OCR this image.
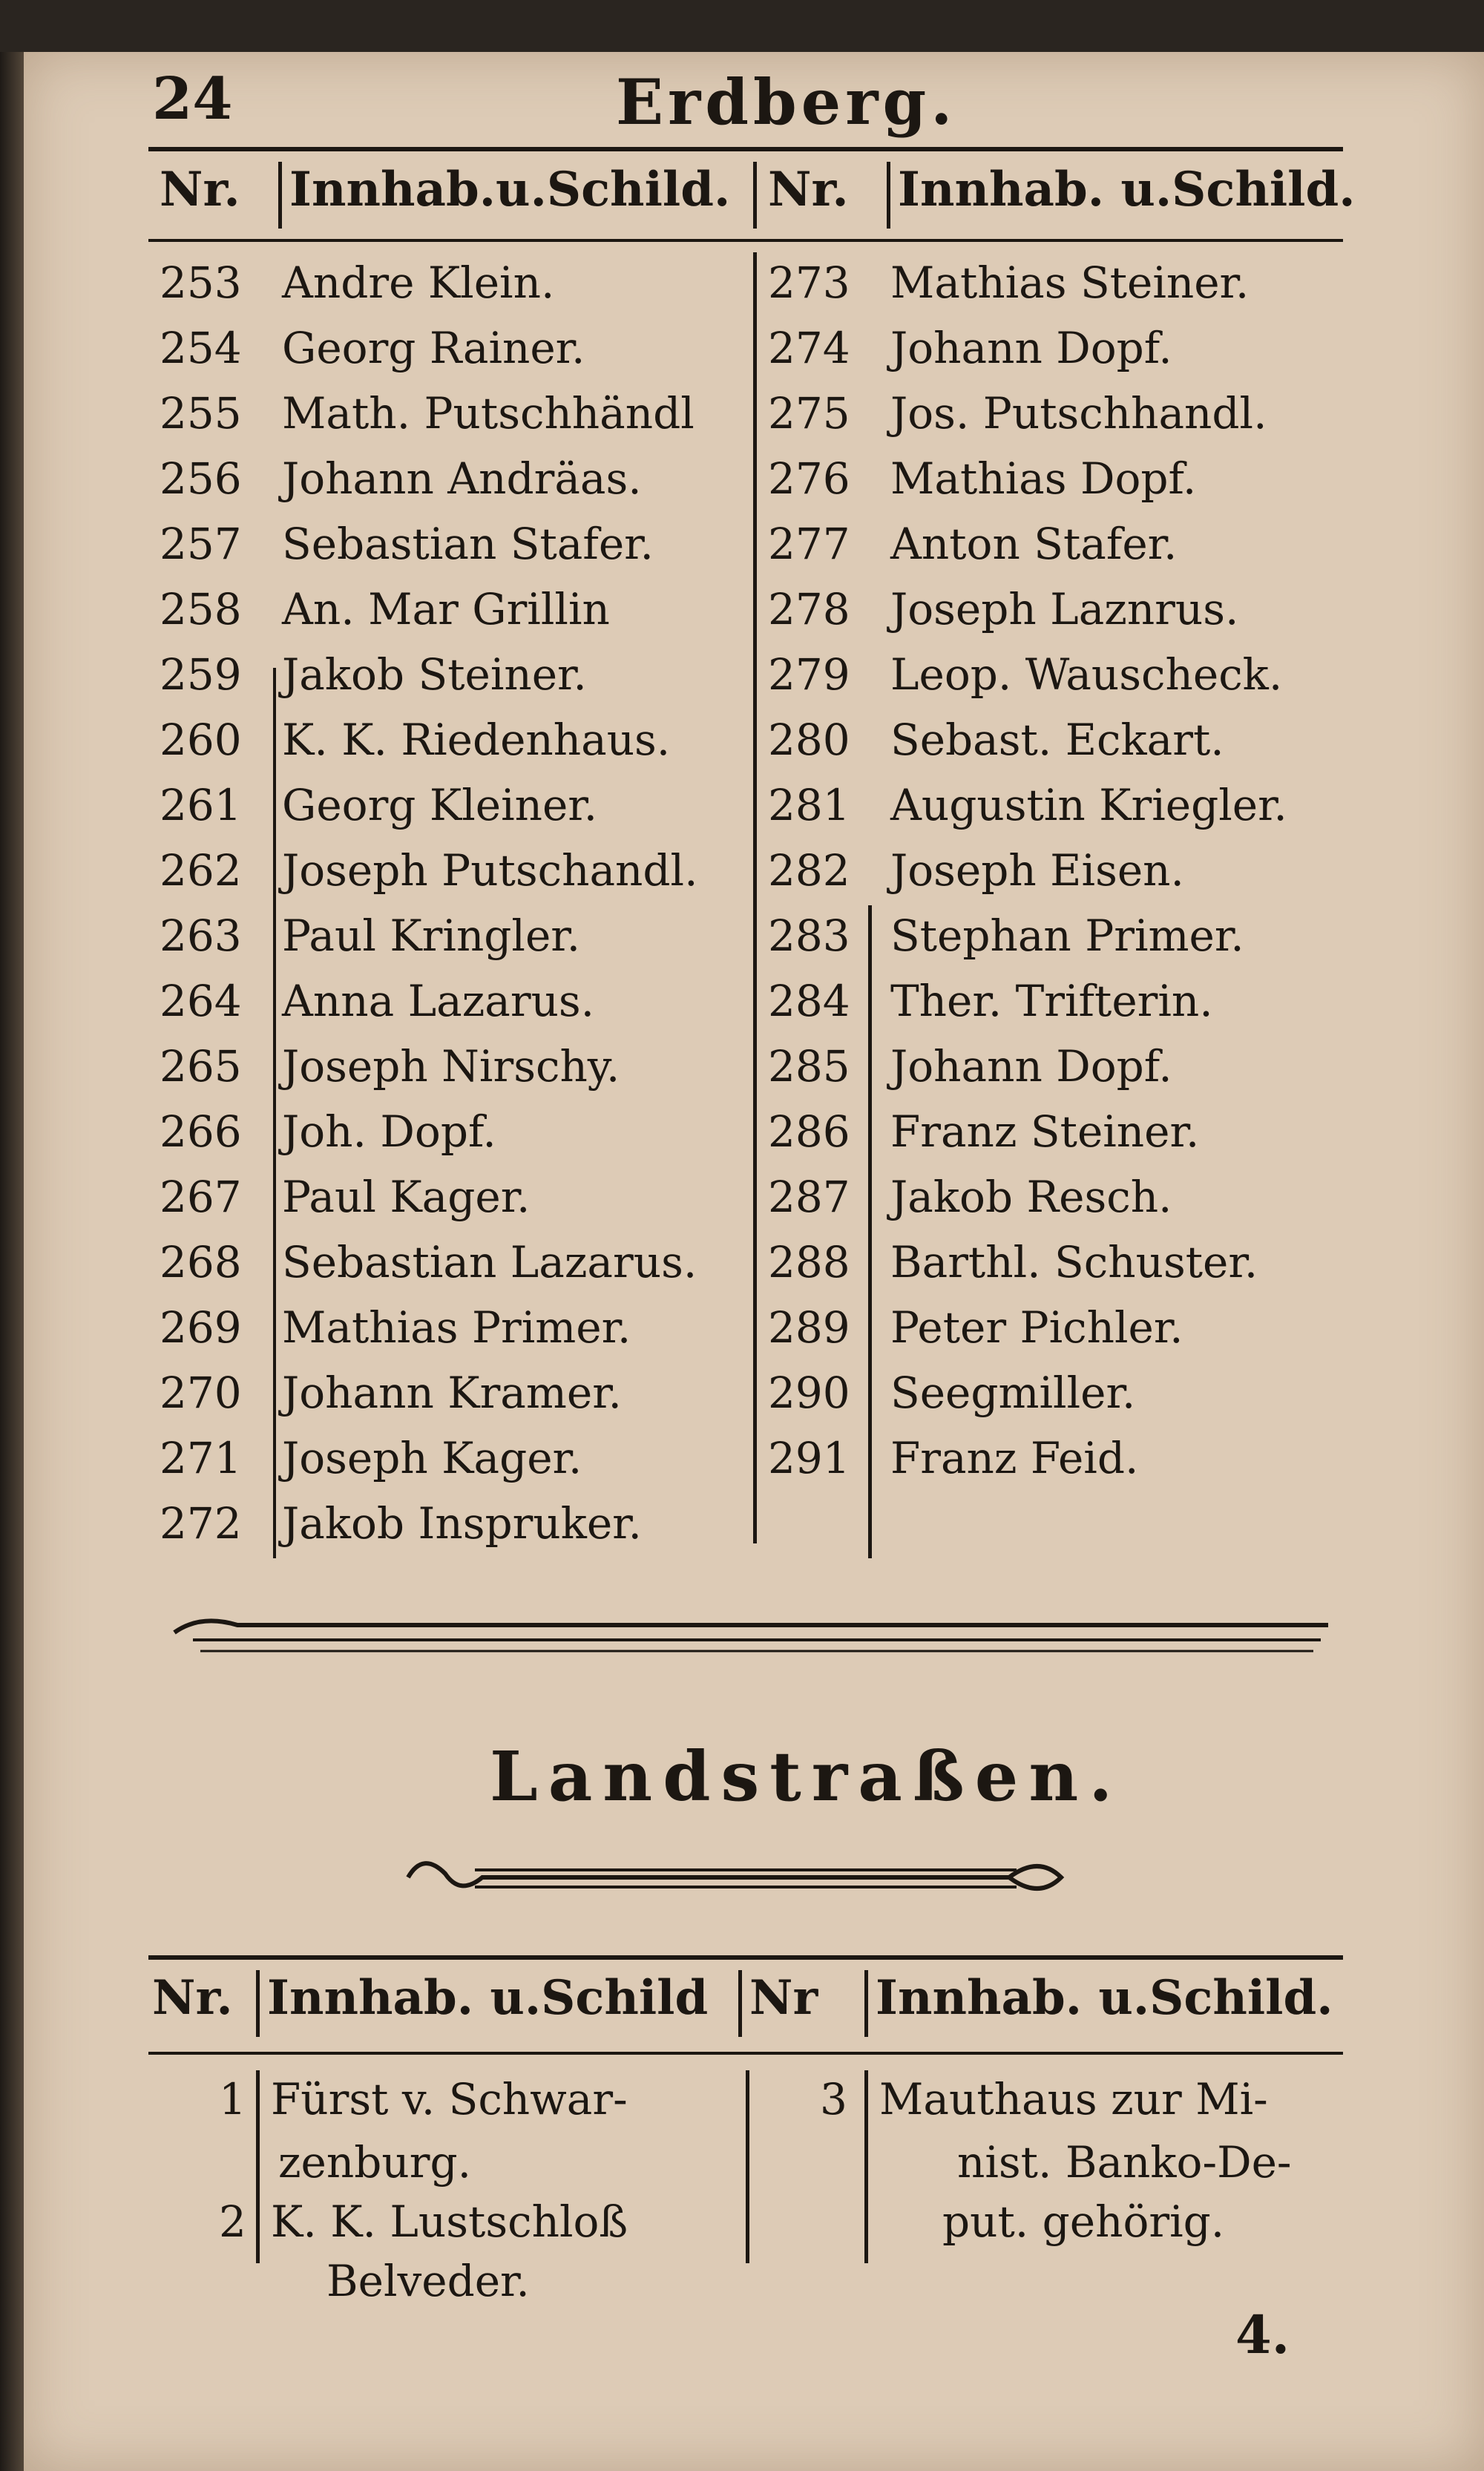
24	Erdberg.
Nr. Innhab.u.Schild. Nr. Innhab. u.Schild.
253 Andre Klein.
254 Georg Rainer.
255 Math. Putschhändl
256 Johann Andräas.
257 Sebastian Stafer.
258 An. Mar Grillin
259 Jakob Steiner.
260 K. K. Riedenhaus.
261 Georg Kleiner.
262 Joseph Putschandl.
263 Paul Kringler.
264 Anna Lazarus.
265 Joseph Nirschy.
266 Joh. Dopf.
267 Paul Kager.
268 Sebastian Lazarus.
269 Mathias Primer.
270 Johann Kramer.
271 Joseph Kager.
272 Jakob Inspruker.
273 Mathias Steiner.
274 Johann Dopf.
275 Jos. Putschhandl.
276 Mathias Dopf.
277 Anton Stafer.
278 Joseph Laznrus.
279 Leop. Wauscheck.
280 Sebast. Eckart.
281 Augustin Kriegler.
282 Joseph Eisen.
283 Stephan Primer.
284 Ther. Trifterin.
285 Johann Dopf.
286 Franz Steiner.
287 Jakob Resch.
288 Barthl. Schuster.
289 Peter Pichler.
290 Seegmiller.
291 Franz Feid.
Landstraßen.
Nr. Innhab. u.Schild Nr Innhab. u.Schild.
1 Fürst v. Schwar-
zenburg.
2 K. K. Lustschloß
Belveder.
3 Mauthaus zur Mi-
nist. Banko-De-
put. gehörig.
4.
